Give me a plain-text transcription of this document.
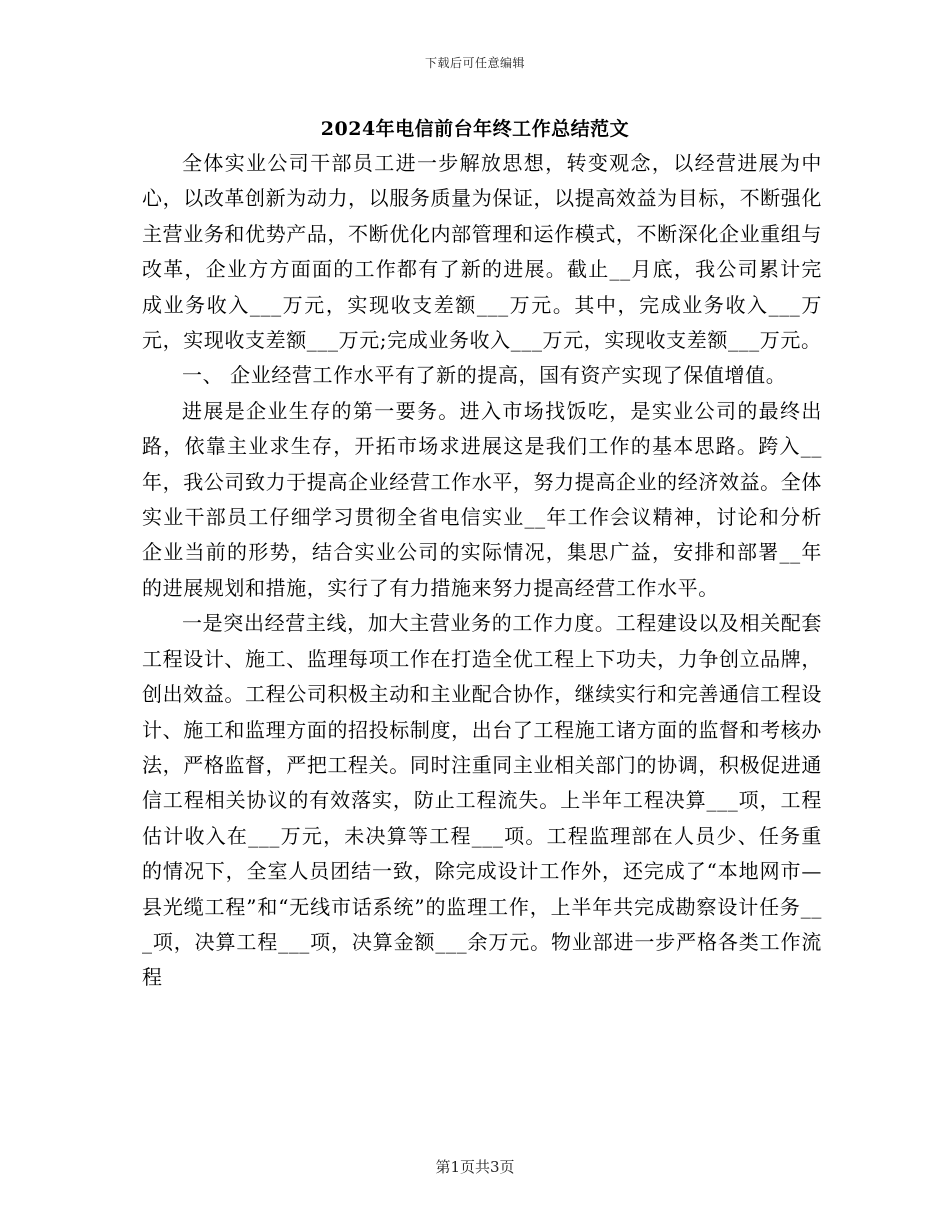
下载后可任意编辑
2024年电信前台年终工作总结范文

全体实业公司干部员工进一步解放思想，转变观念，以经营进展为中心，以改革创新为动力，以服务质量为保证，以提高效益为目标，不断强化主营业务和优势产品，不断优化内部管理和运作模式，不断深化企业重组与改革，企业方方面面的工作都有了新的进展。截止__月底，我公司累计完成业务收入___万元，实现收支差额___万元。其中，完成业务收入___万元，实现收支差额___万元;完成业务收入___万元，实现收支差额___万元。

一、 企业经营工作水平有了新的提高，国有资产实现了保值增值。

进展是企业生存的第一要务。进入市场找饭吃，是实业公司的最终出路，依靠主业求生存，开拓市场求进展这是我们工作的基本思路。跨入__年，我公司致力于提高企业经营工作水平，努力提高企业的经济效益。全体实业干部员工仔细学习贯彻全省电信实业__年工作会议精神，讨论和分析企业当前的形势，结合实业公司的实际情况，集思广益，安排和部署__年的进展规划和措施，实行了有力措施来努力提高经营工作水平。

一是突出经营主线，加大主营业务的工作力度。工程建设以及相关配套工程设计、施工、监理每项工作在打造全优工程上下功夫，力争创立品牌，创出效益。工程公司积极主动和主业配合协作，继续实行和完善通信工程设计、施工和监理方面的招投标制度，出台了工程施工诸方面的监督和考核办法，严格监督，严把工程关。同时注重同主业相关部门的协调，积极促进通信工程相关协议的有效落实，防止工程流失。上半年工程决算___项，工程估计收入在___万元，未决算等工程___项。工程监理部在人员少、任务重的情况下，全室人员团结一致，除完成设计工作外，还完成了“本地网市—县光缆工程”和“无线市话系统”的监理工作，上半年共完成勘察设计任务___项，决算工程___项，决算金额___余万元。物业部进一步严格各类工作流程

第1页共3页
